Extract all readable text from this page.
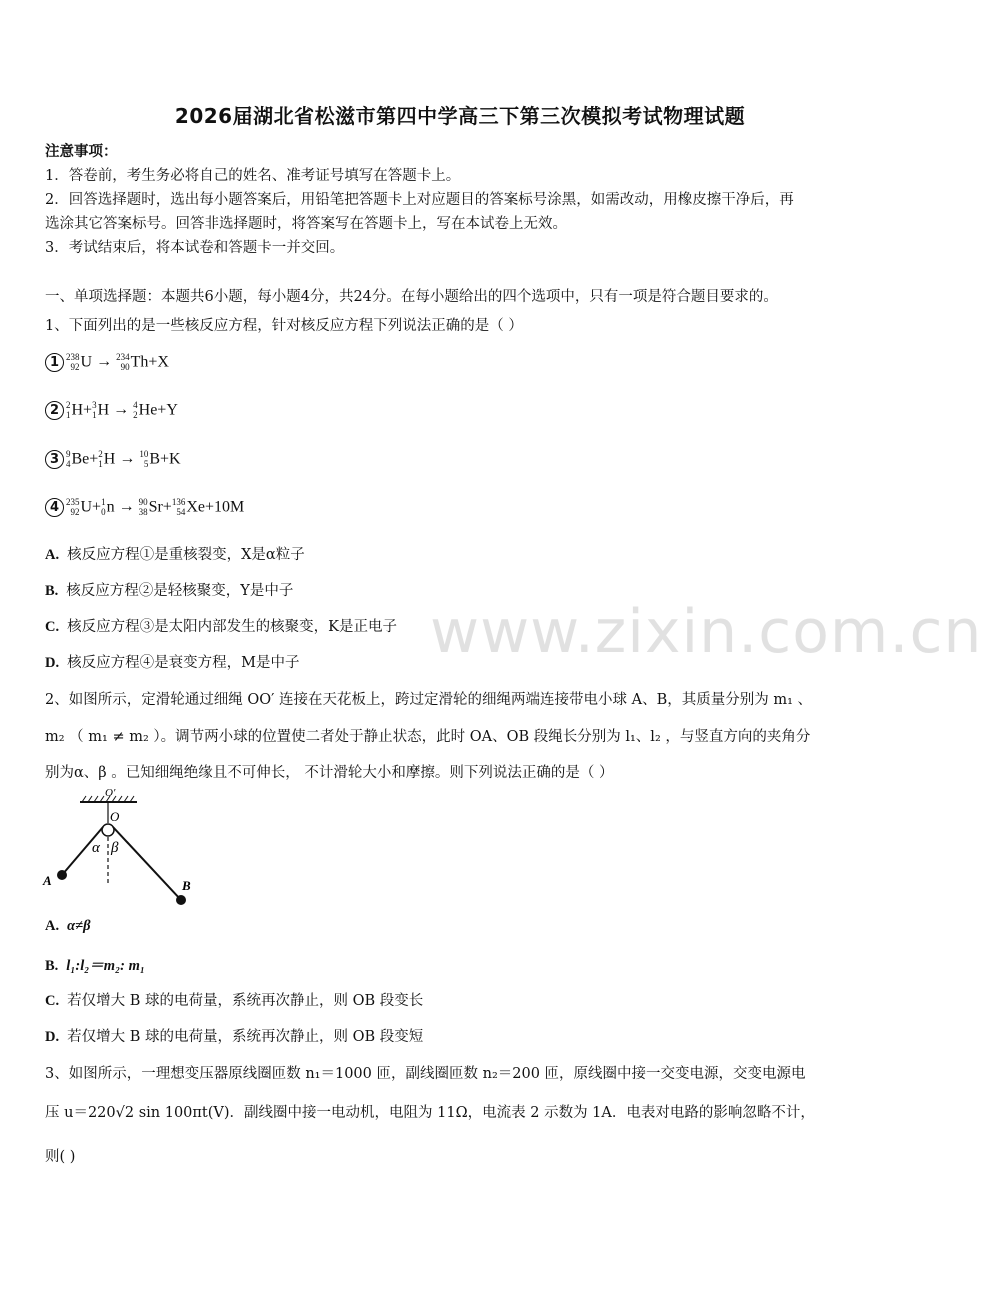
2026届湖北省松滋市第四中学高三下第三次模拟考试物理试题
注意事项：
1．答卷前，考生务必将自己的姓名、准考证号填写在答题卡上。
2．回答选择题时，选出每小题答案后，用铅笔把答题卡上对应题目的答案标号涂黑，如需改动，用橡皮擦干净后，再
选涂其它答案标号。回答非选择题时，将答案写在答题卡上，写在本试卷上无效。
3．考试结束后，将本试卷和答题卡一并交回。
一、单项选择题：本题共6小题，每小题4分，共24分。在每小题给出的四个选项中，只有一项是符合题目要求的。
1、下面列出的是一些核反应方程，针对核反应方程下列说法正确的是（ ）
1 238
92 U → 234
90 Th+X
2 2
1 H+ 3
1 H → 4
2 He+Y
3 9
4 Be+ 2
1 H → 10
5 B+K
4 235
92 U+ 1
0 n → 90
38 Sr+ 136
54 Xe+10M
A. 核反应方程①是重核裂变，X是α粒子
B. 核反应方程②是轻核聚变，Y是中子
C. 核反应方程③是太阳内部发生的核聚变，K是正电子
D. 核反应方程④是衰变方程，M是中子
2、如图所示，定滑轮通过细绳 OO′ 连接在天花板上，跨过定滑轮的细绳两端连接带电小球 A、B，其质量分别为 m₁ 、
m₂ （ m₁ ≠ m₂ ）。调节两小球的位置使二者处于静止状态，此时 OA、OB 段绳长分别为 l₁、l₂ ，与竖直方向的夹角分
别为α、β 。已知细绳绝缘且不可伸长， 不计滑轮大小和摩擦。则下列说法正确的是（ ）
O′
O
α β
A	B
A. α≠β
B. l₁:l₂＝m₂: m₁
C. 若仅增大 B 球的电荷量，系统再次静止，则 OB 段变长
D. 若仅增大 B 球的电荷量，系统再次静止，则 OB 段变短
3、如图所示，一理想变压器原线圈匝数 n₁＝1000 匝，副线圈匝数 n₂＝200 匝，原线圈中接一交变电源，交变电源电
压 u＝220√2 sin 100πt(V)．副线圈中接一电动机，电阻为 11Ω，电流表 2 示数为 1A．电表对电路的影响忽略不计，
则( )
www.zixin.com.cn
